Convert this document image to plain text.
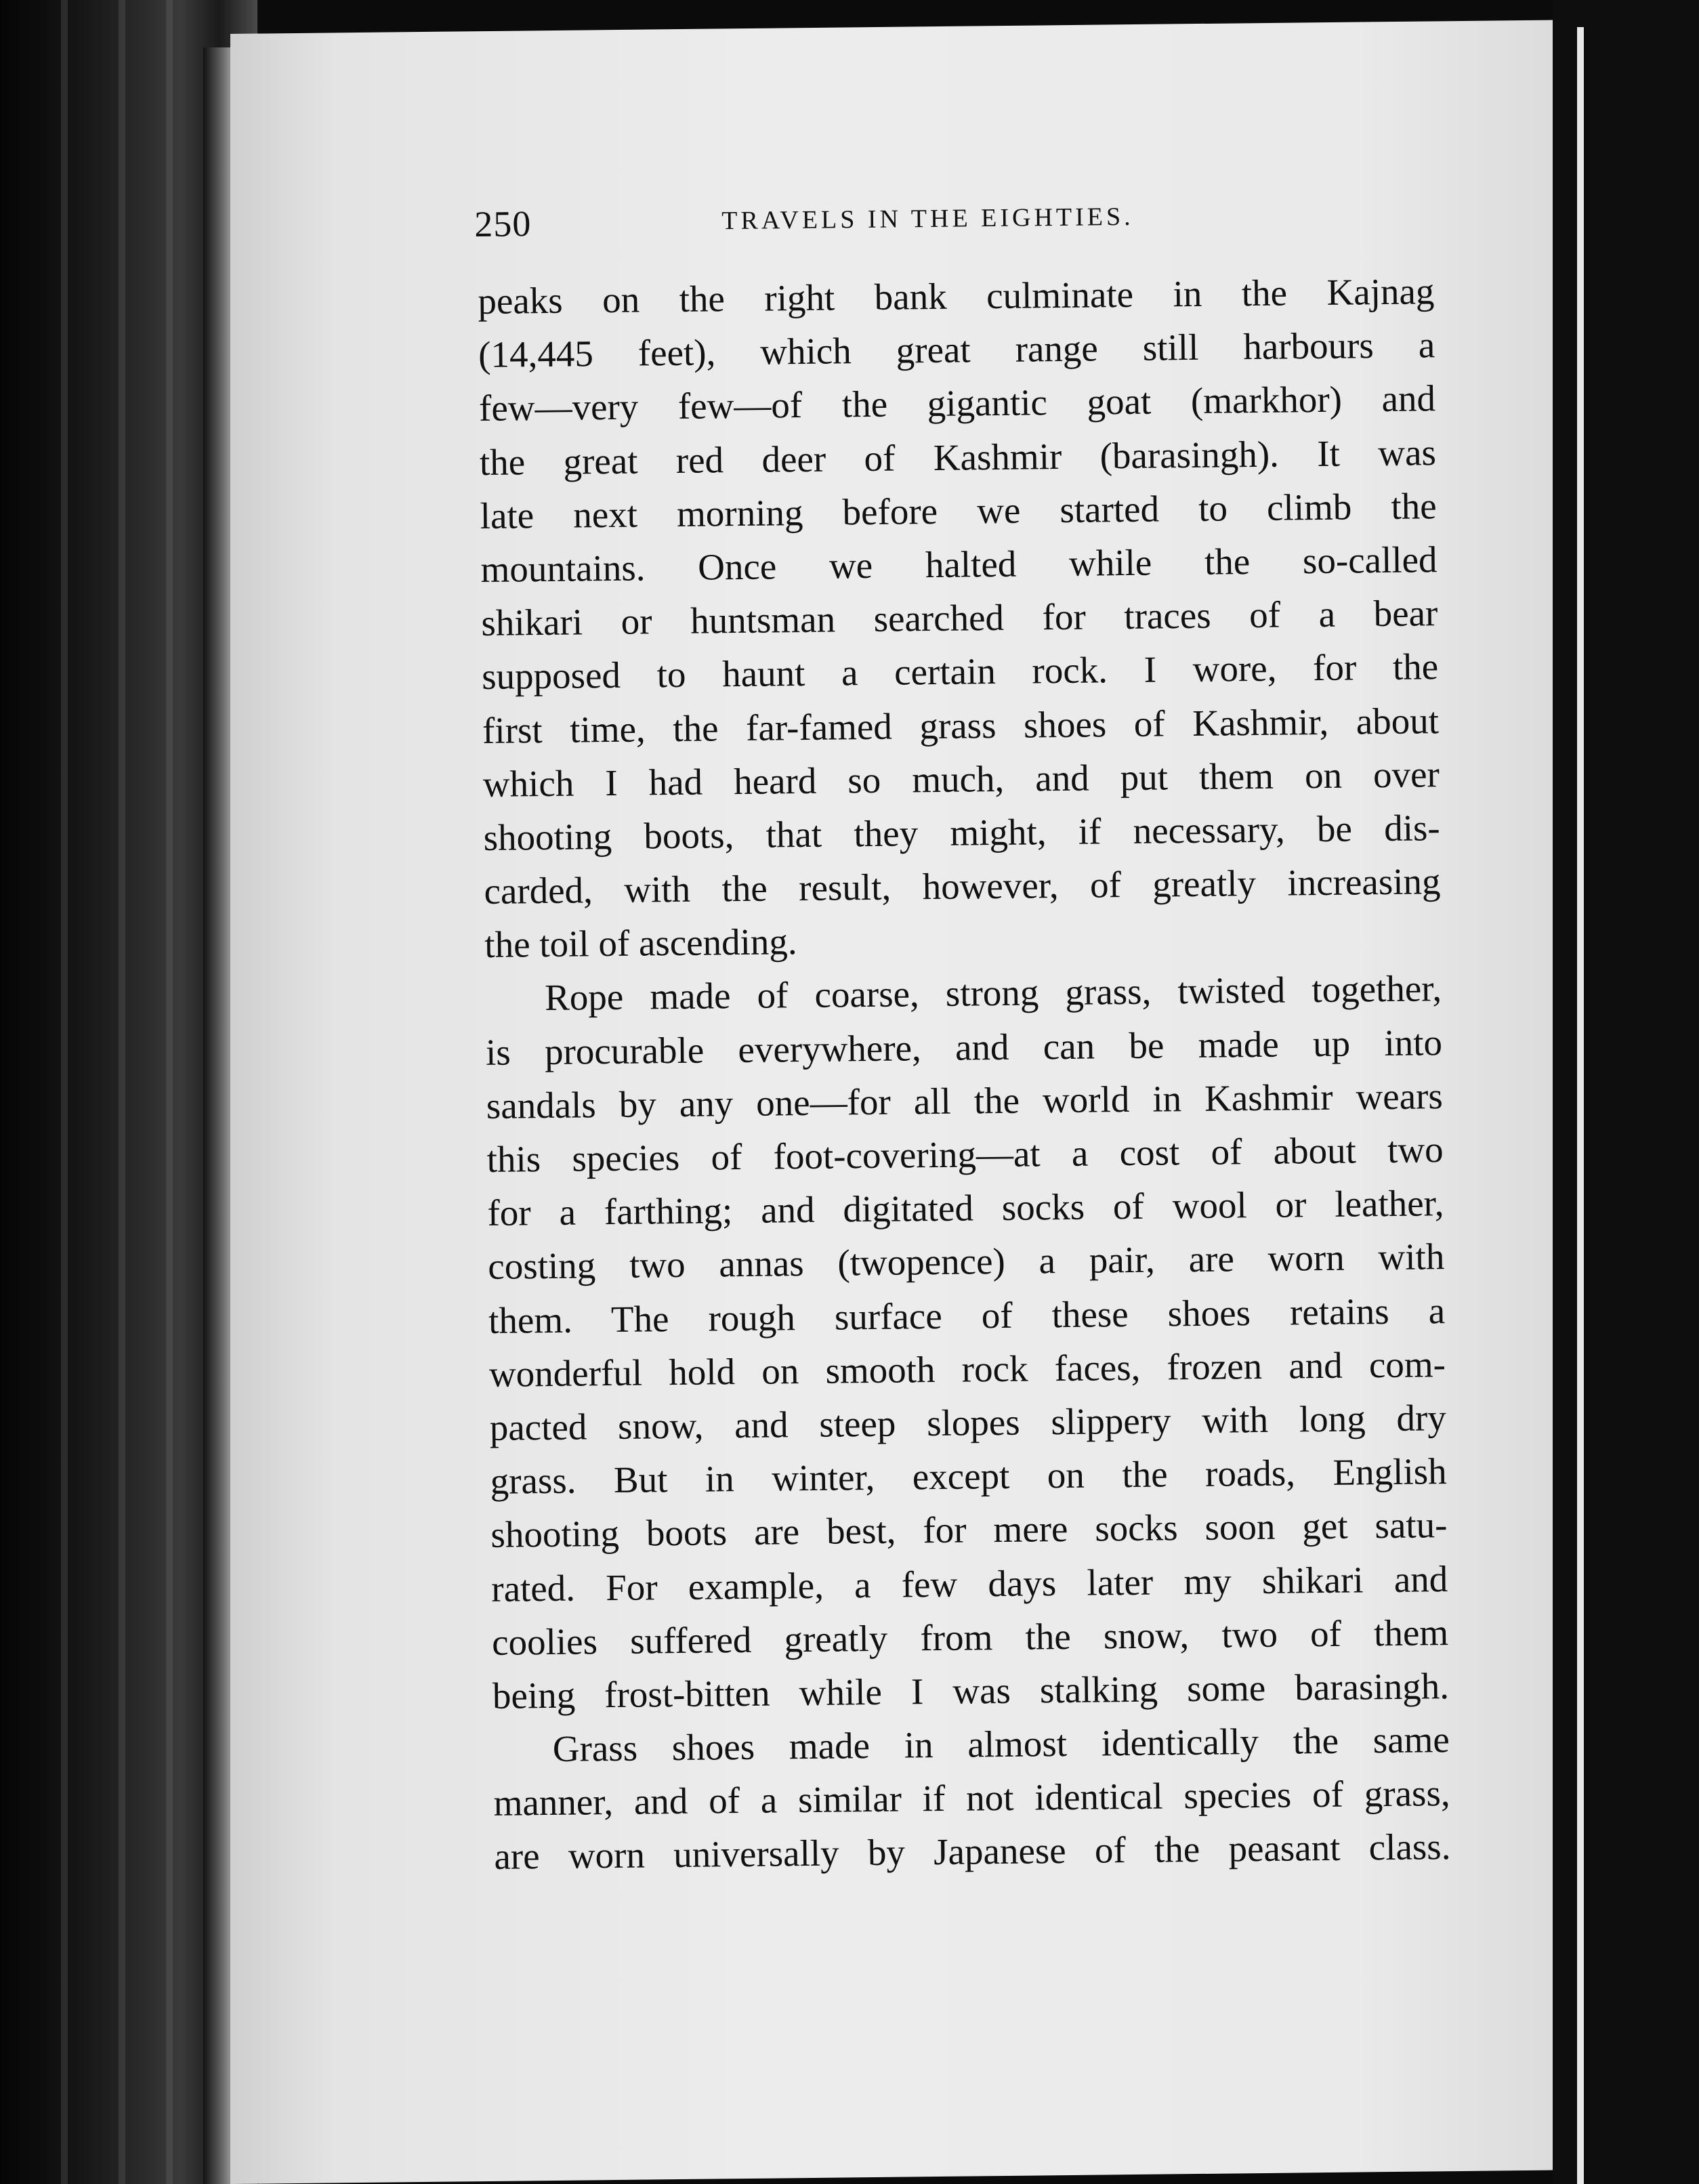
250	TRAVELS IN THE EIGHTIES.
peaks on the right bank culminate in the Kajnag
(14,445 feet), which great range still harbours a
few—very few—of the gigantic goat (markhor) and
the great red deer of Kashmir (barasingh). It was
late next morning before we started to climb the
mountains. Once we halted while the so-called
shikari or huntsman searched for traces of a bear
supposed to haunt a certain rock. I wore, for the
first time, the far-famed grass shoes of Kashmir, about
which I had heard so much, and put them on over
shooting boots, that they might, if necessary, be dis-
carded, with the result, however, of greatly increasing
the toil of ascending.
Rope made of coarse, strong grass, twisted together,
is procurable everywhere, and can be made up into
sandals by any one—for all the world in Kashmir wears
this species of foot-covering—at a cost of about two
for a farthing; and digitated socks of wool or leather,
costing two annas (twopence) a pair, are worn with
them. The rough surface of these shoes retains a
wonderful hold on smooth rock faces, frozen and com-
pacted snow, and steep slopes slippery with long dry
grass. But in winter, except on the roads, English
shooting boots are best, for mere socks soon get satu-
rated. For example, a few days later my shikari and
coolies suffered greatly from the snow, two of them
being frost-bitten while I was stalking some barasingh.
Grass shoes made in almost identically the same
manner, and of a similar if not identical species of grass,
are worn universally by Japanese of the peasant class.
